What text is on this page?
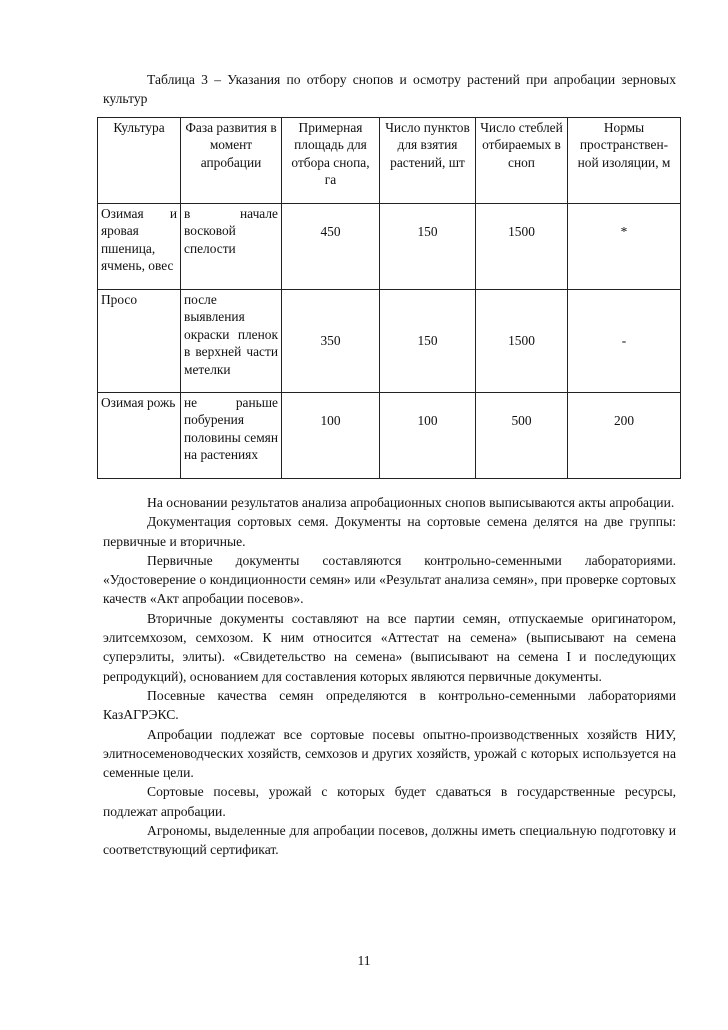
Таблица 3 – Указания по отбору снопов и осмотру растений при апробации зерновых культур
Культура	Фаза развития в момент апробации	Примерная площадь для отбора снопа, га	Число пунктов для взятия растений, шт	Число стеблей отбираемых в сноп	Нормы пространствен-ной изоляции, м
Озимая и яровая пшеница, ячмень, овес	в начале восковой спелости	450	150	1500	*
Просо	после выявления окраски пленок в верхней части метелки	350	150	1500	-
Озимая рожь	не раньше побурения половины семян на растениях	100	100	500	200

На основании результатов анализа апробационных снопов выписываются акты апробации.

Документация сортовых семя. Документы на сортовые семена делятся на две группы: первичные и вторичные.

Первичные документы составляются контрольно-семенными лабораториями. «Удостоверение о кондиционности семян» или «Результат анализа семян», при проверке сортовых качеств «Акт апробации посевов».

Вторичные документы составляют на все партии семян, отпускаемые оригинатором, элитсемхозом, семхозом. К ним относится «Аттестат на семена» (выписывают на семена суперэлиты, элиты). «Свидетельство на семена» (выписывают на семена I и последующих репродукций), основанием для составления которых являются первичные документы.

Посевные качества семян определяются в контрольно-семенными лабораториями КазАГРЭКС.

Апробации подлежат все сортовые посевы опытно-производственных хозяйств НИУ, элитносеменоводческих хозяйств, семхозов и других хозяйств, урожай с которых используется на семенные цели.

Сортовые посевы, урожай с которых будет сдаваться в государственные ресурсы, подлежат апробации.

Агрономы, выделенные для апробации посевов, должны иметь специальную подготовку и соответствующий сертификат.

11
